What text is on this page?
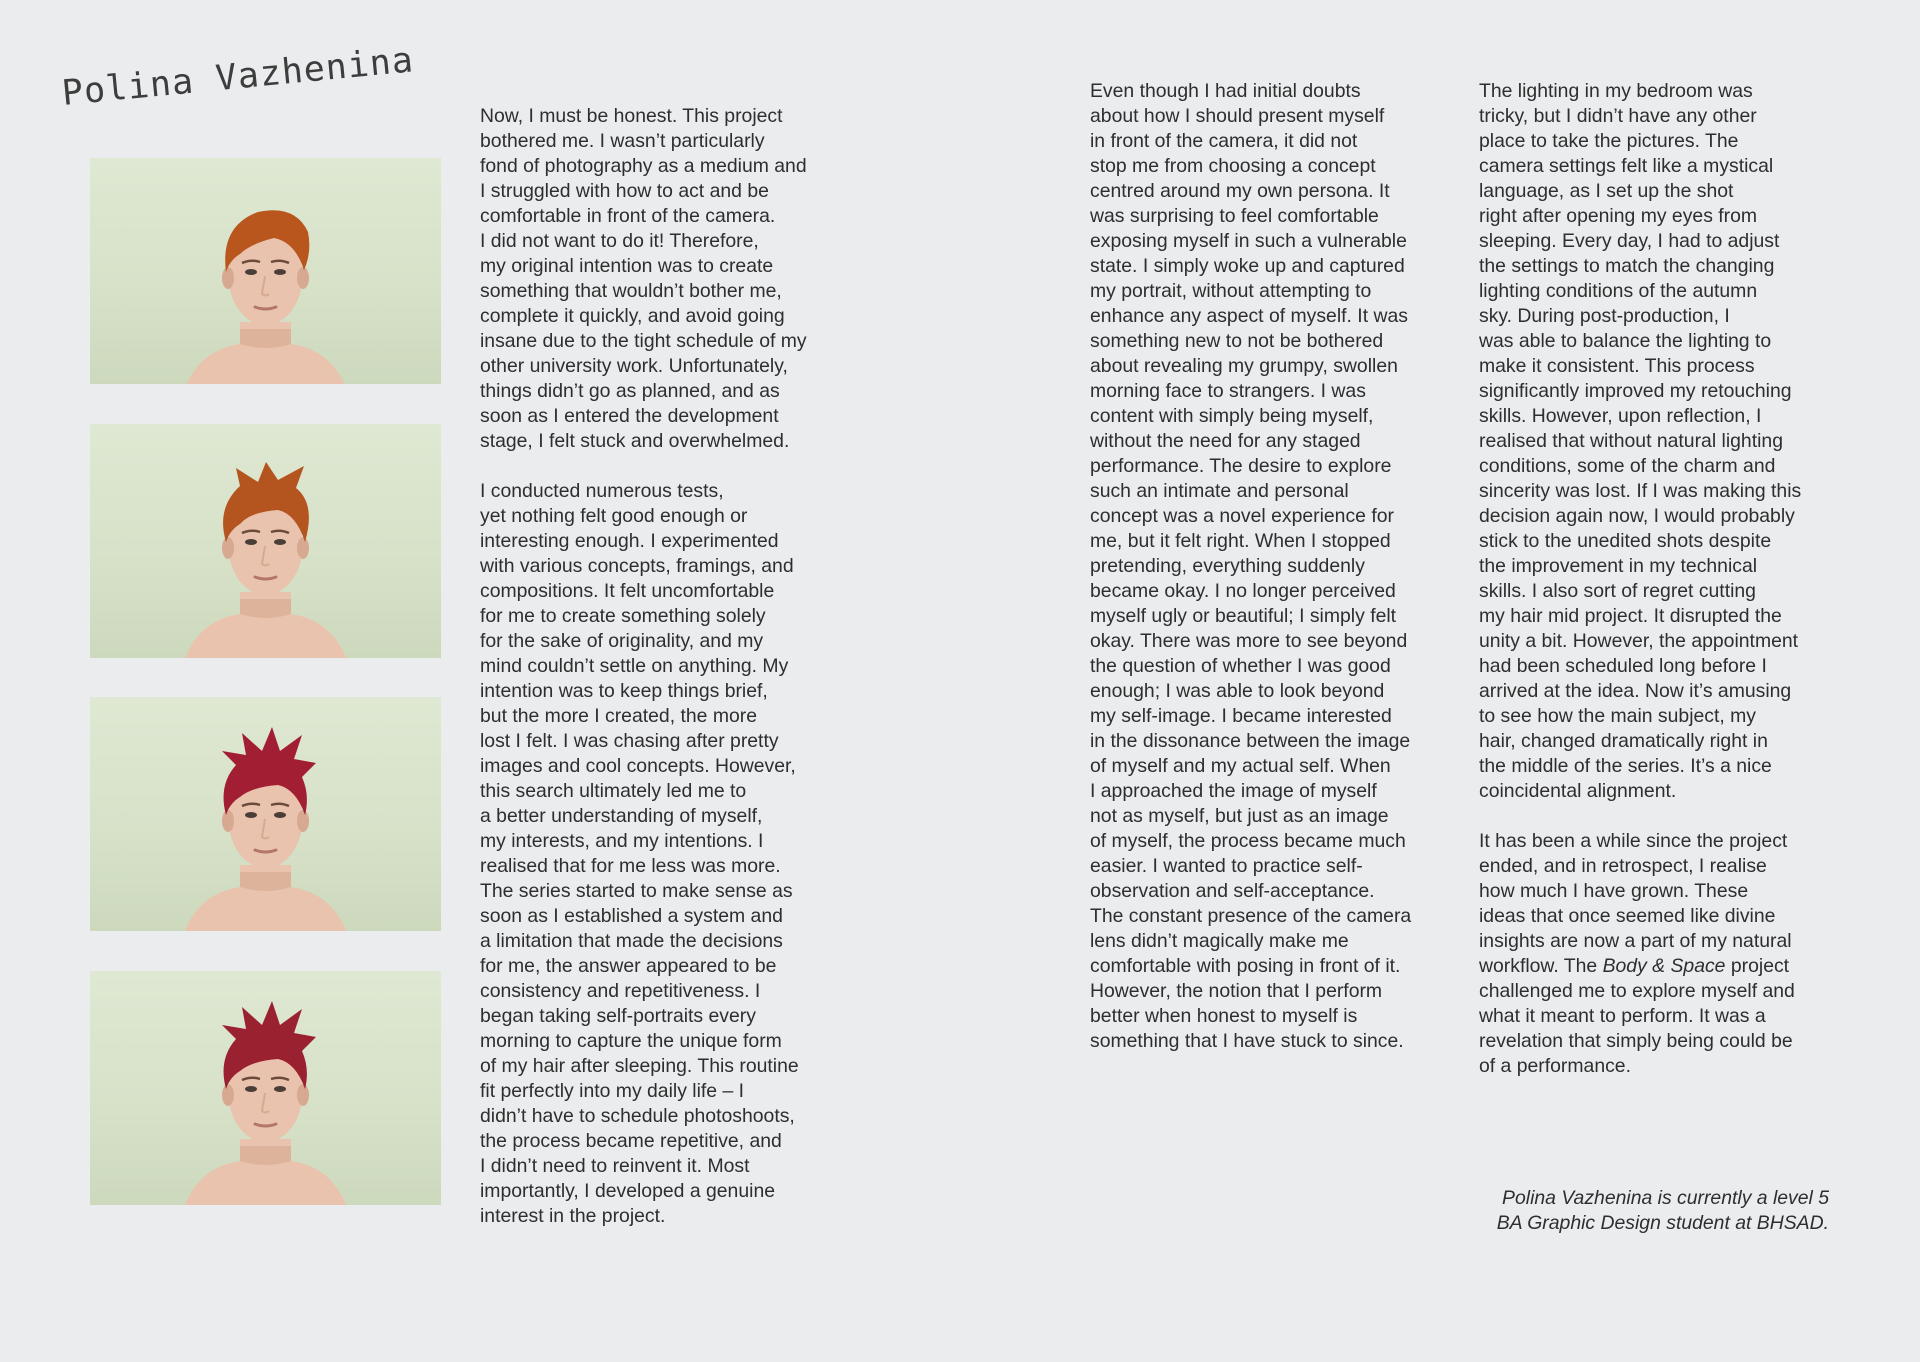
Polina Vazhenina

Now, I must be honest. This project
bothered me. I wasn’t particularly
fond of photography as a medium and
I struggled with how to act and be
comfortable in front of the camera.
I did not want to do it! Therefore,
my original intention was to create
something that wouldn’t bother me,
complete it quickly, and avoid going
insane due to the tight schedule of my
other university work. Unfortunately,
things didn’t go as planned, and as
soon as I entered the development
stage, I felt stuck and overwhelmed.

I conducted numerous tests,
yet nothing felt good enough or
interesting enough. I experimented
with various concepts, framings, and
compositions. It felt uncomfortable
for me to create something solely
for the sake of originality, and my
mind couldn’t settle on anything. My
intention was to keep things brief,
but the more I created, the more
lost I felt. I was chasing after pretty
images and cool concepts. However,
this search ultimately led me to
a better understanding of myself,
my interests, and my intentions. I
realised that for me less was more.
The series started to make sense as
soon as I established a system and
a limitation that made the decisions
for me, the answer appeared to be
consistency and repetitiveness. I
began taking self-portraits every
morning to capture the unique form
of my hair after sleeping. This routine
fit perfectly into my daily life – I
didn’t have to schedule photoshoots,
the process became repetitive, and
I didn’t need to reinvent it. Most
importantly, I developed a genuine
interest in the project.

Even though I had initial doubts
about how I should present myself
in front of the camera, it did not
stop me from choosing a concept
centred around my own persona. It
was surprising to feel comfortable
exposing myself in such a vulnerable
state. I simply woke up and captured
my portrait, without attempting to
enhance any aspect of myself. It was
something new to not be bothered
about revealing my grumpy, swollen
morning face to strangers. I was
content with simply being myself,
without the need for any staged
performance. The desire to explore
such an intimate and personal
concept was a novel experience for
me, but it felt right. When I stopped
pretending, everything suddenly
became okay. I no longer perceived
myself ugly or beautiful; I simply felt
okay. There was more to see beyond
the question of whether I was good
enough; I was able to look beyond
my self-image. I became interested
in the dissonance between the image
of myself and my actual self. When
I approached the image of myself
not as myself, but just as an image
of myself, the process became much
easier. I wanted to practice self-
observation and self-acceptance.
The constant presence of the camera
lens didn’t magically make me
comfortable with posing in front of it.
However, the notion that I perform
better when honest to myself is
something that I have stuck to since.

The lighting in my bedroom was
tricky, but I didn’t have any other
place to take the pictures. The
camera settings felt like a mystical
language, as I set up the shot
right after opening my eyes from
sleeping. Every day, I had to adjust
the settings to match the changing
lighting conditions of the autumn
sky. During post-production, I
was able to balance the lighting to
make it consistent. This process
significantly improved my retouching
skills. However, upon reflection, I
realised that without natural lighting
conditions, some of the charm and
sincerity was lost. If I was making this
decision again now, I would probably
stick to the unedited shots despite
the improvement in my technical
skills. I also sort of regret cutting
my hair mid project. It disrupted the
unity a bit. However, the appointment
had been scheduled long before I
arrived at the idea. Now it’s amusing
to see how the main subject, my
hair, changed dramatically right in
the middle of the series. It’s a nice
coincidental alignment.

It has been a while since the project
ended, and in retrospect, I realise
how much I have grown. These
ideas that once seemed like divine
insights are now a part of my natural
workflow. The Body & Space project
challenged me to explore myself and
what it meant to perform. It was a
revelation that simply being could be
of a performance.

Polina Vazhenina is currently a level 5
BA Graphic Design student at BHSAD.
